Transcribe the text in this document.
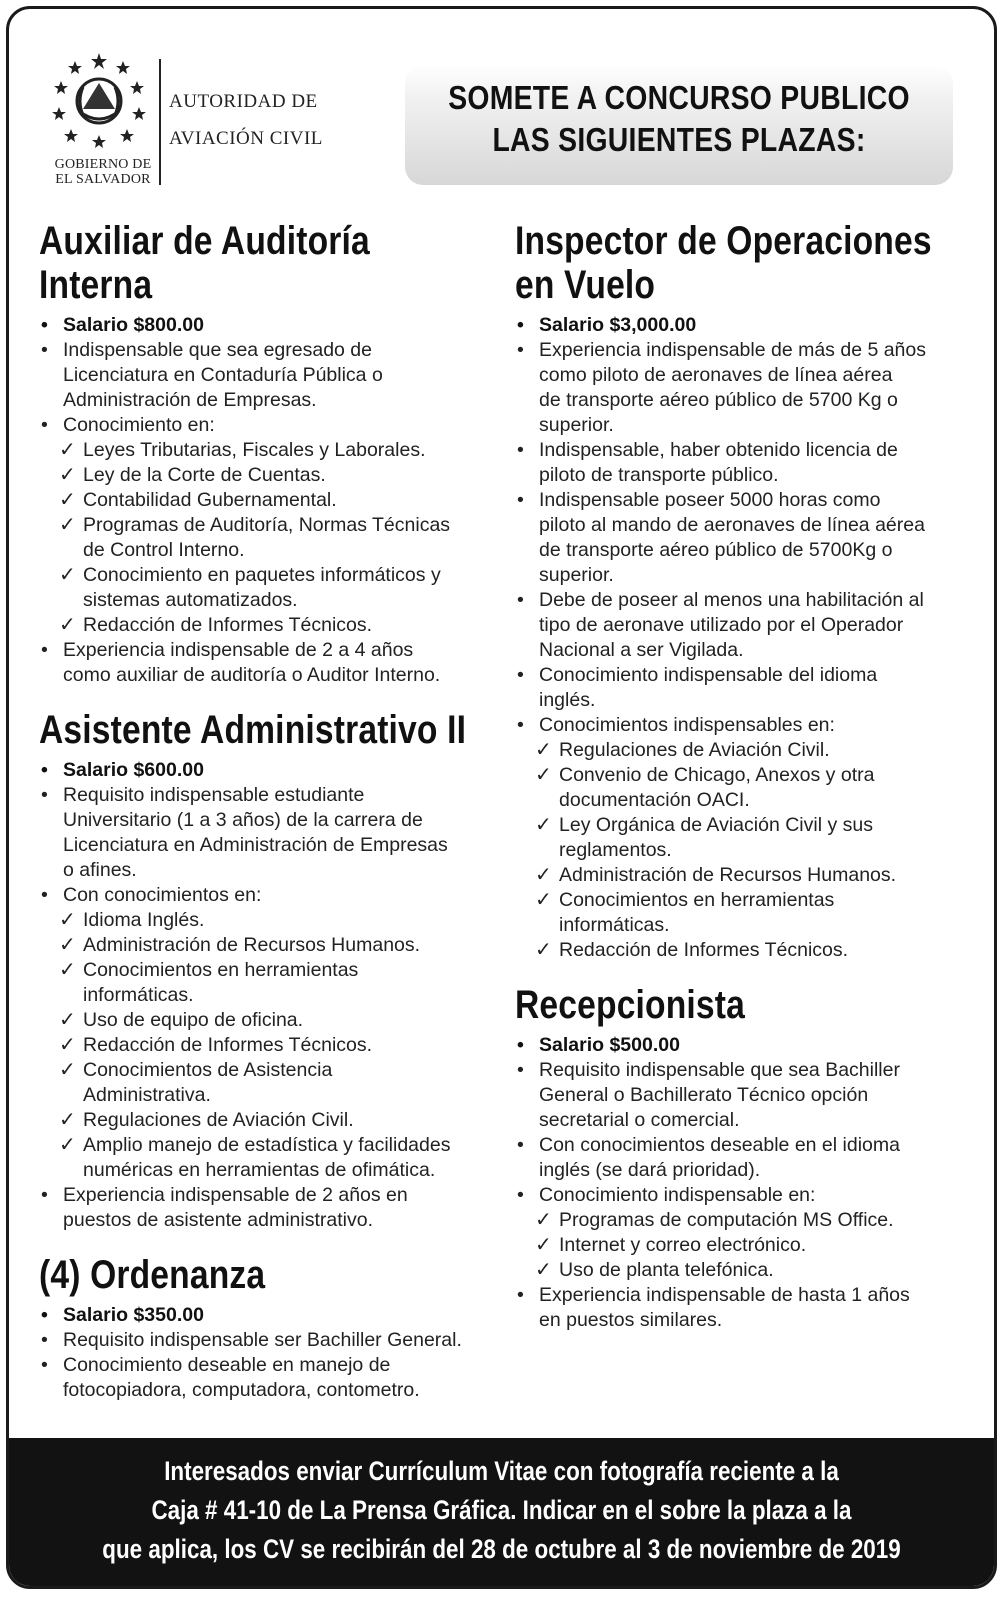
GOBIERNO DE
EL SALVADOR
AUTORIDAD DE
AVIACIÓN CIVIL
SOMETE A CONCURSO PUBLICO
LAS SIGUIENTES PLAZAS:
Auxiliar de Auditoría
Interna
• Salario $800.00
• Indispensable que sea egresado de
Licenciatura en Contaduría Pública o
Administración de Empresas.
• Conocimiento en:
✓ Leyes Tributarias, Fiscales y Laborales.
✓ Ley de la Corte de Cuentas.
✓ Contabilidad Gubernamental.
✓ Programas de Auditoría, Normas Técnicas
de Control Interno.
✓ Conocimiento en paquetes informáticos y
sistemas automatizados.
✓ Redacción de Informes Técnicos.
• Experiencia indispensable de 2 a 4 años
como auxiliar de auditoría o Auditor Interno.
Asistente Administrativo II
• Salario $600.00
• Requisito indispensable estudiante
Universitario (1 a 3 años) de la carrera de
Licenciatura en Administración de Empresas
o afines.
• Con conocimientos en:
✓ Idioma Inglés.
✓ Administración de Recursos Humanos.
✓ Conocimientos en herramientas
informáticas.
✓ Uso de equipo de oficina.
✓ Redacción de Informes Técnicos.
✓ Conocimientos de Asistencia
Administrativa.
✓ Regulaciones de Aviación Civil.
✓ Amplio manejo de estadística y facilidades
numéricas en herramientas de ofimática.
• Experiencia indispensable de 2 años en
puestos de asistente administrativo.
(4) Ordenanza
• Salario $350.00
• Requisito indispensable ser Bachiller General.
• Conocimiento deseable en manejo de
fotocopiadora, computadora, contometro.
Inspector de Operaciones
en Vuelo
• Salario $3,000.00
• Experiencia indispensable de más de 5 años
como piloto de aeronaves de línea aérea
de transporte aéreo público de 5700 Kg o
superior.
• Indispensable, haber obtenido licencia de
piloto de transporte público.
• Indispensable poseer 5000 horas como
piloto al mando de aeronaves de línea aérea
de transporte aéreo público de 5700Kg o
superior.
• Debe de poseer al menos una habilitación al
tipo de aeronave utilizado por el Operador
Nacional a ser Vigilada.
• Conocimiento indispensable del idioma
inglés.
• Conocimientos indispensables en:
✓ Regulaciones de Aviación Civil.
✓ Convenio de Chicago, Anexos y otra
documentación OACI.
✓ Ley Orgánica de Aviación Civil y sus
reglamentos.
✓ Administración de Recursos Humanos.
✓ Conocimientos en herramientas
informáticas.
✓ Redacción de Informes Técnicos.
Recepcionista
• Salario $500.00
• Requisito indispensable que sea Bachiller
General o Bachillerato Técnico opción
secretarial o comercial.
• Con conocimientos deseable en el idioma
inglés (se dará prioridad).
• Conocimiento indispensable en:
✓ Programas de computación MS Office.
✓ Internet y correo electrónico.
✓ Uso de planta telefónica.
• Experiencia indispensable de hasta 1 años
en puestos similares.
Interesados enviar Currículum Vitae con fotografía reciente a la
Caja # 41-10 de La Prensa Gráfica. Indicar en el sobre la plaza a la
que aplica, los CV se recibirán del 28 de octubre al 3 de noviembre de 2019
